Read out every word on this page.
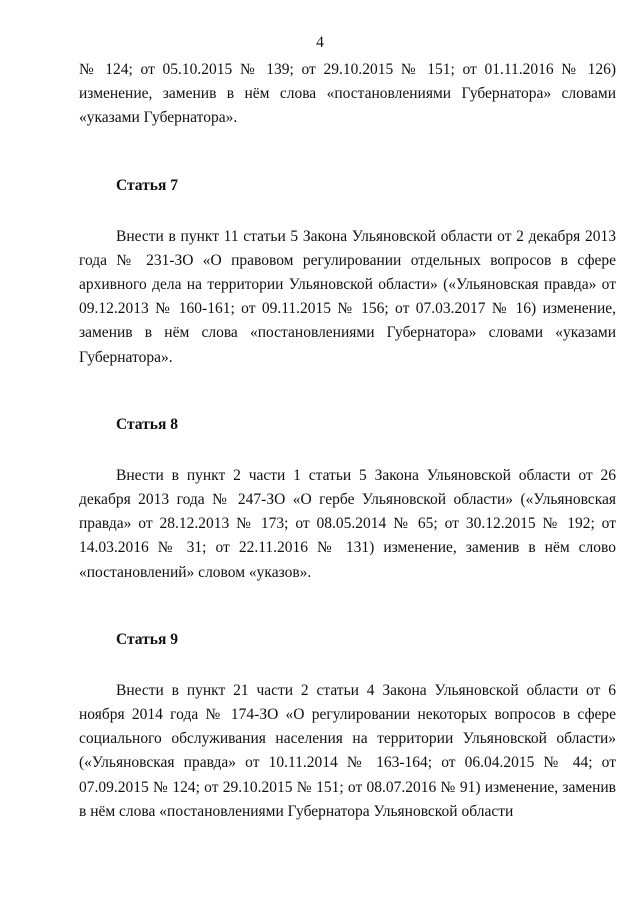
4

№ 124; от 05.10.2015 № 139; от 29.10.2015 № 151; от 01.11.2016 № 126) изменение, заменив в нём слова «постановлениями Губернатора» словами «указами Губернатора».

Статья 7

Внести в пункт 11 статьи 5 Закона Ульяновской области от 2 декабря 2013 года № 231-ЗО «О правовом регулировании отдельных вопросов в сфере архивного дела на территории Ульяновской области» («Ульяновская правда» от 09.12.2013 № 160-161; от 09.11.2015 № 156; от 07.03.2017 № 16) изменение, заменив в нём слова «постановлениями Губернатора» словами «указами Губернатора».

Статья 8

Внести в пункт 2 части 1 статьи 5 Закона Ульяновской области от 26 декабря 2013 года № 247-ЗО «О гербе Ульяновской области» («Ульяновская правда» от 28.12.2013 № 173; от 08.05.2014 № 65; от 30.12.2015 № 192; от 14.03.2016 № 31; от 22.11.2016 № 131) изменение, заменив в нём слово «постановлений» словом «указов».

Статья 9

Внести в пункт 21 части 2 статьи 4 Закона Ульяновской области от 6 ноября 2014 года № 174-ЗО «О регулировании некоторых вопросов в сфере социального обслуживания населения на территории Ульяновской области» («Ульяновская правда» от 10.11.2014 № 163-164; от 06.04.2015 № 44; от 07.09.2015 № 124; от 29.10.2015 № 151; от 08.07.2016 № 91) изменение, заменив в нём слова «постановлениями Губернатора Ульяновской области
